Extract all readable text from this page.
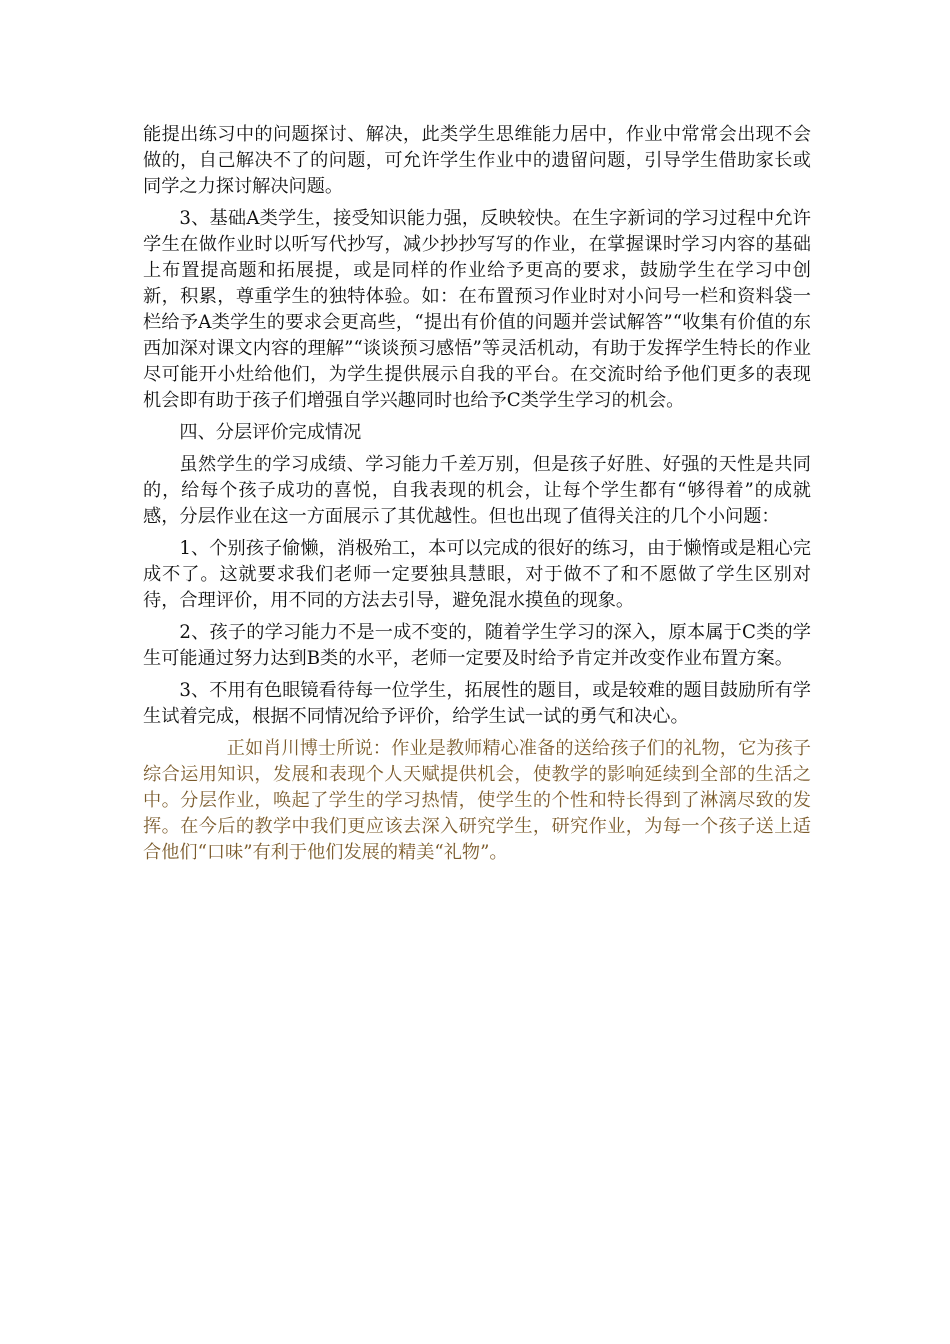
能提出练习中的问题探讨、解决，此类学生思维能力居中，作业中常常会出现不会做的，自己解决不了的问题，可允许学生作业中的遗留问题，引导学生借助家长或同学之力探讨解决问题。

3、基础A类学生，接受知识能力强，反映较快。在生字新词的学习过程中允许学生在做作业时以听写代抄写，减少抄抄写写的作业，在掌握课时学习内容的基础上布置提高题和拓展提，或是同样的作业给予更高的要求，鼓励学生在学习中创新，积累，尊重学生的独特体验。如：在布置预习作业时对小问号一栏和资料袋一栏给予A类学生的要求会更高些，“提出有价值的问题并尝试解答”“收集有价值的东西加深对课文内容的理解”“谈谈预习感悟”等灵活机动，有助于发挥学生特长的作业尽可能开小灶给他们，为学生提供展示自我的平台。在交流时给予他们更多的表现机会即有助于孩子们增强自学兴趣同时也给予C类学生学习的机会。

四、分层评价完成情况

虽然学生的学习成绩、学习能力千差万别，但是孩子好胜、好强的天性是共同的，给每个孩子成功的喜悦，自我表现的机会，让每个学生都有“够得着”的成就感，分层作业在这一方面展示了其优越性。但也出现了值得关注的几个小问题：

1、个别孩子偷懒，消极殆工，本可以完成的很好的练习，由于懒惰或是粗心完成不了。这就要求我们老师一定要独具慧眼，对于做不了和不愿做了学生区别对待，合理评价，用不同的方法去引导，避免混水摸鱼的现象。

2、孩子的学习能力不是一成不变的，随着学生学习的深入，原本属于C类的学生可能通过努力达到B类的水平，老师一定要及时给予肯定并改变作业布置方案。

3、不用有色眼镜看待每一位学生，拓展性的题目，或是较难的题目鼓励所有学生试着完成，根据不同情况给予评价，给学生试一试的勇气和决心。

正如肖川博士所说：作业是教师精心准备的送给孩子们的礼物，它为孩子综合运用知识，发展和表现个人天赋提供机会，使教学的影响延续到全部的生活之中。分层作业，唤起了学生的学习热情，使学生的个性和特长得到了淋漓尽致的发挥。在今后的教学中我们更应该去深入研究学生，研究作业，为每一个孩子送上适合他们“口味”有利于他们发展的精美“礼物”。
